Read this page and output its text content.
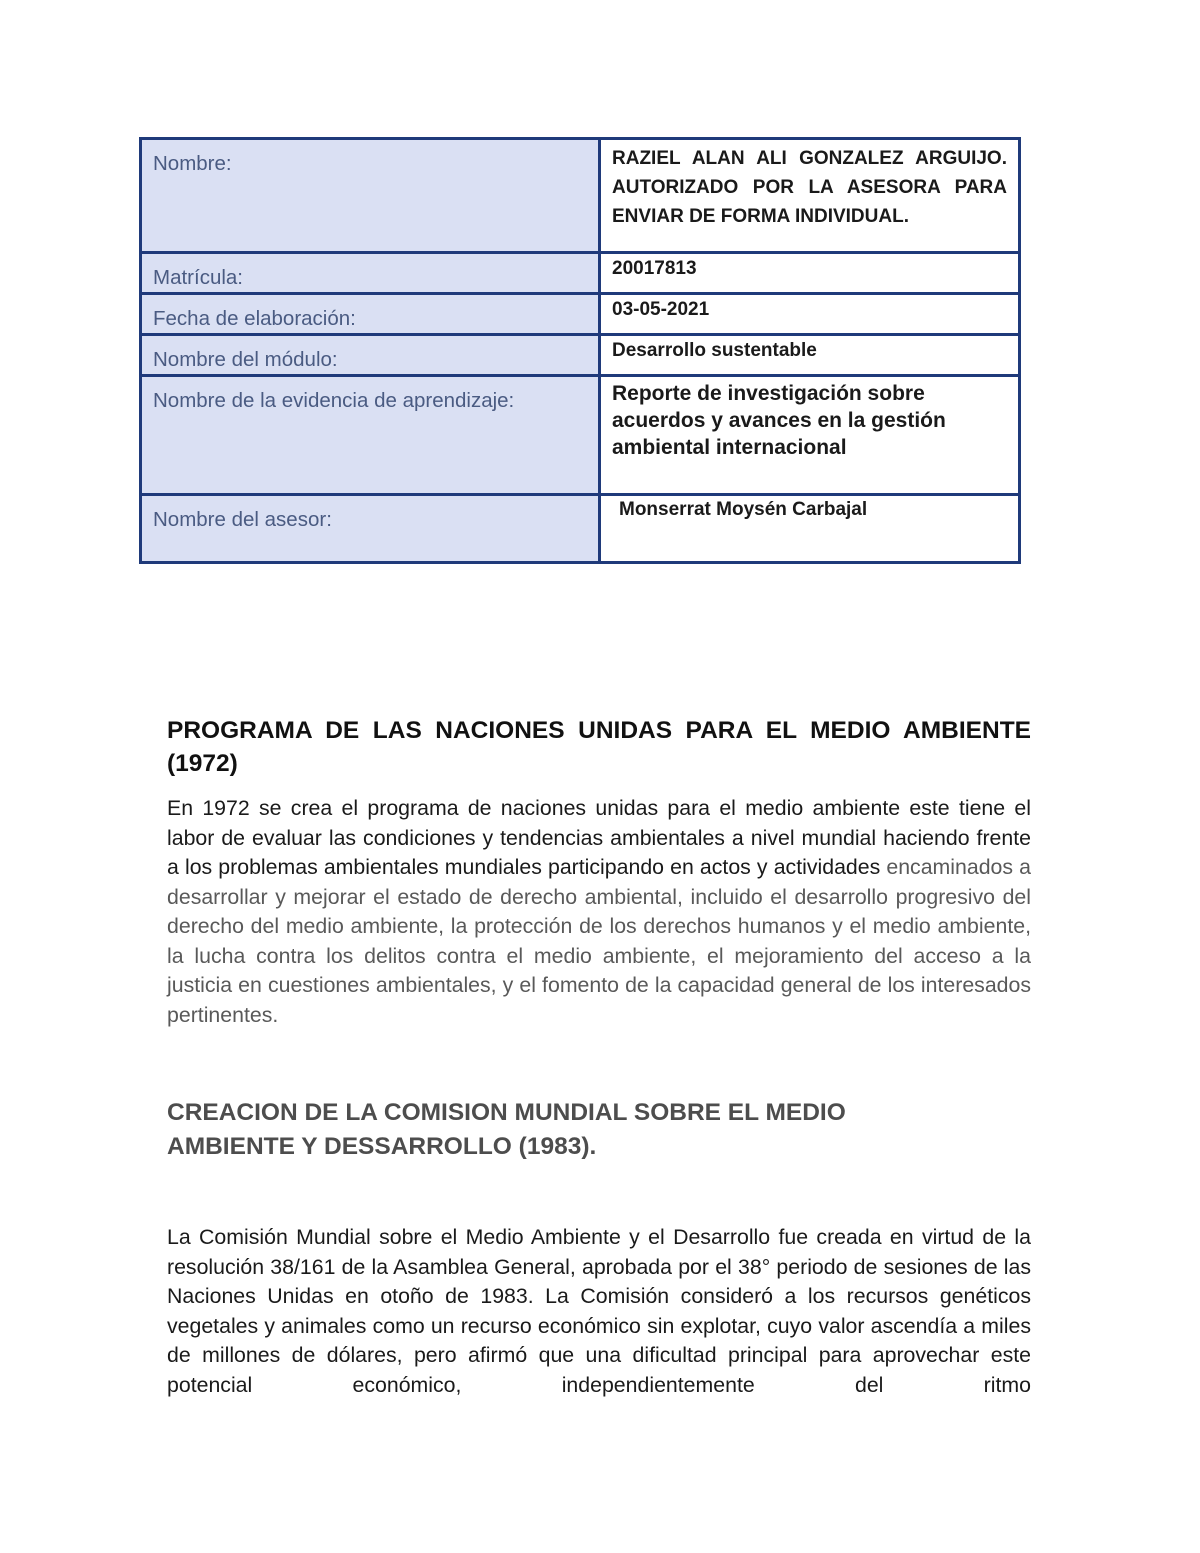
Nombre:	RAZIEL ALAN ALI GONZALEZ ARGUIJO. AUTORIZADO POR LA ASESORA PARA ENVIAR DE FORMA INDIVIDUAL.
Matrícula:	20017813
Fecha de elaboración:	03-05-2021
Nombre del módulo:	Desarrollo sustentable
Nombre de la evidencia de aprendizaje:	Reporte de investigación sobre acuerdos y avances en la gestión ambiental internacional
Nombre del asesor:	Monserrat Moysén Carbajal
PROGRAMA DE LAS NACIONES UNIDAS PARA EL MEDIO AMBIENTE (1972)

En 1972 se crea el programa de naciones unidas para el medio ambiente este tiene el labor de evaluar las condiciones y tendencias ambientales a nivel mundial haciendo frente a los problemas ambientales mundiales participando en actos y actividades encaminados a desarrollar y mejorar el estado de derecho ambiental, incluido el desarrollo progresivo del derecho del medio ambiente, la protección de los derechos humanos y el medio ambiente, la lucha contra los delitos contra el medio ambiente, el mejoramiento del acceso a la justicia en cuestiones ambientales, y el fomento de la capacidad general de los interesados pertinentes.

CREACION DE LA COMISION MUNDIAL SOBRE EL MEDIO AMBIENTE Y DESSARROLLO (1983).

La Comisión Mundial sobre el Medio Ambiente y el Desarrollo fue creada en virtud de la resolución 38/161 de la Asamblea General, aprobada por el 38° periodo de sesiones de las Naciones Unidas en otoño de 1983. La Comisión consideró a los recursos genéticos vegetales y animales como un recurso económico sin explotar, cuyo valor ascendía a miles de millones de dólares, pero afirmó que una dificultad principal para aprovechar este potencial económico, independientemente del ritmo
